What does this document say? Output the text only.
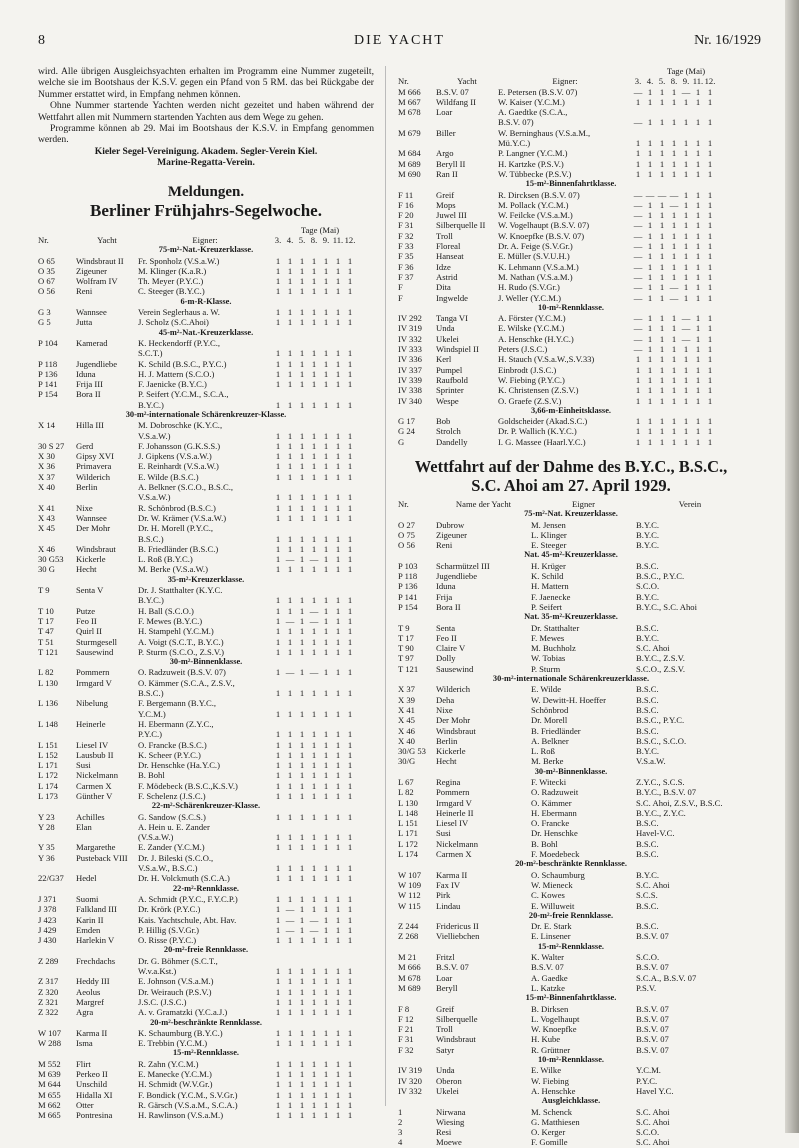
8	DIE YACHT	Nr. 16/1929

wird. Alle übrigen Ausgleichsyachten erhalten im Programm eine Nummer zugeteilt, welche sie im Bootshaus der K.S.V. gegen ein Pfand von 5 RM. das bei Rückgabe der Nummer erstattet wird, in Empfang nehmen können.

Ohne Nummer startende Yachten werden nicht gezeitet und haben während der Wettfahrt allen mit Nummern startenden Yachten aus dem Wege zu gehen.

Programme können ab 29. Mai im Bootshaus der K.S.V. in Empfang genommen werden.

Kieler Segel-Vereinigung. Akadem. Segler-Verein Kiel.
Marine-Regatta-Verein.
Meldungen.
Berliner Frühjahrs-Segelwoche.
Tage (Mai)
Nr.	Yacht	Eigner:	3. 4. 5. 8. 9. 11. 12.
75-m²-Nat.-Kreuzerklasse.
O 65	Windsbraut II	Fr. Sponholz (V.S.a.W.)	1 1 1 1 1 1 1
O 35	Zigeuner	M. Klinger (K.a.R.)	1 1 1 1 1 1 1
O 67	Wolfram IV	Th. Meyer (P.Y.C.)	1 1 1 1 1 1 1
O 56	Reni	C. Steeger (B.Y.C.)	1 1 1 1 1 1 1
6-m-R-Klasse.
G 3	Wannsee	Verein Seglerhaus a. W.	1 1 1 1 1 1 1
G 5	Jutta	J. Scholz (S.C.Ahoi)	1 1 1 1 1 1 1
45-m²-Nat.-Kreuzerklasse.
P 104	Kamerad	K. Heckendorff (P.Y.C.,
S.C.T.)	1 1 1 1 1 1 1
P 118	Jugendliebe	K. Schild (B.S.C., P.Y.C.)	1 1 1 1 1 1 1
P 136	Iduna	H. J. Mattern (S.C.O.)	1 1 1 1 1 1 1
P 141	Frija III	F. Jaenicke (B.Y.C.)	1 1 1 1 1 1 1
P 154	Bora II	P. Seifert (Y.C.M., S.C.A.,
B.Y.C.)	1 1 1 1 1 1 1
30-m²-internationale Schärenkreuzer-Klasse.
X 14	Hilla III	M. Dobroschke (K.Y.C.,
V.S.a.W.)	1 1 1 1 1 1 1
30 S 27	Gerd	F. Johansson (G.K.S.S.)	1 1 1 1 1 1 1
X 30	Gipsy XVI	J. Gipkens (V.S.a.W.)	1 1 1 1 1 1 1
X 36	Primavera	E. Reinhardt (V.S.a.W.)	1 1 1 1 1 1 1
X 37	Wilderich	E. Wilde (B.S.C.)	1 1 1 1 1 1 1
X 40	Berlin	A. Belkner (S.C.O., B.S.C.,
V.S.a.W.)	1 1 1 1 1 1 1
X 41	Nixe	R. Schönbrod (B.S.C.)	1 1 1 1 1 1 1
X 43	Wannsee	Dr. W. Krämer (V.S.a.W.)	1 1 1 1 1 1 1
X 45	Der Mohr	Dr. H. Morell (P.Y.C.,
B.S.C.)	1 1 1 1 1 1 1
X 46	Windsbraut	B. Friedländer (B.S.C.)	1 1 1 1 1 1 1
30 G53	Kickerle	L. Roß (B.Y.C.)	1 — 1 — 1 1 1
30 G	Hecht	M. Berke (V.S.a.W.)	1 1 1 1 1 1 1
35-m²-Kreuzerklasse.
T 9	Senta V	Dr. J. Statthalter (K.Y.C.
B.Y.C.)	1 1 1 1 1 1 1
T 10	Putze	H. Ball (S.C.O.)	1 1 1 — 1 1 1
T 17	Feo II	F. Mewes (B.Y.C.)	1 — 1 — 1 1 1
T 47	Quirl II	H. Stampehl (Y.C.M.)	1 1 1 1 1 1 1
T 51	Sturmgesell	A. Voigt (S.C.T., B.Y.C.)	1 1 1 1 1 1 1
T 121	Sausewind	P. Sturm (S.C.O., Z.S.V.)	1 1 1 1 1 1 1
30-m²-Binnenklasse.
L 82	Pommern	O. Radzuweit (B.S.V. 07)	1 — 1 — 1 1 1
L 130	Irmgard V	O. Kämmer (S.C.A., Z.S.V.,
B.S.C.)	1 1 1 1 1 1 1
L 136	Nibelung	F. Bergemann (B.Y.C.,
Y.C.M.)	1 1 1 1 1 1 1
L 148	Heinerle	H. Ebermann (Z.Y.C.,
P.Y.C.)	1 1 1 1 1 1 1
L 151	Liesel IV	O. Francke (B.S.C.)	1 1 1 1 1 1 1
L 152	Lausbub II	K. Scheer (P.Y.C.)	1 1 1 1 1 1 1
L 171	Susi	Dr. Henschke (Ha.Y.C.)	1 1 1 1 1 1 1
L 172	Nickelmann	B. Bohl	1 1 1 1 1 1 1
L 174	Carmen X	F. Mödebeck (B.S.C.,K.S.V.)	1 1 1 1 1 1 1
L 173	Günther V	F. Schelenz (J.S.C.)	1 1 1 1 1 1 1
22-m²-Schärenkreuzer-Klasse.
Y 23	Achilles	G. Sandow (S.C.S.)	1 1 1 1 1 1 1
Y 28	Elan	A. Hein u. E. Zander
(V.S.a.W.)	1 1 1 1 1 1 1
Y 35	Margarethe	E. Zander (Y.C.M.)	1 1 1 1 1 1 1
Y 36	Pusteback VIII	Dr. J. Bileski (S.C.O.,
V.S.a.W., B.S.C.)	1 1 1 1 1 1 1
22/G37	Hedel	Dr. H. Volckmuth (S.C.A.)	1 1 1 1 1 1 1
22-m²-Rennklasse.
J 371	Suomi	A. Schmidt (P.Y.C., F.Y.C.P.)	1 1 1 1 1 1 1
J 378	Falkland III	Dr. Krörk (P.Y.C.)	1 — 1 1 1 1 1
J 423	Karin II	Kais. Yachtschule, Abt. Hav.	1 — 1 — 1 1 1
J 429	Emden	P. Hillig (S.V.Gr.)	1 — 1 — 1 1 1
J 430	Harlekin V	O. Risse (P.Y.C.)	1 1 1 1 1 1 1
20-m²-freie Rennklasse.
Z 289	Frechdachs	Dr. G. Böhmer (S.C.T.,
W.v.a.Kst.)	1 1 1 1 1 1 1
Z 317	Heddy III	E. Johnson (V.S.a.M.)	1 1 1 1 1 1 1
Z 320	Aeolus	Dr. Weirauch (P.S.V.)	1 1 1 1 1 1 1
Z 321	Margref	J.S.C. (J.S.C.)	1 1 1 1 1 1 1
Z 322	Agra	A. v. Gramatzki (Y.C.a.J.)	1 1 1 1 1 1 1
20-m²-beschränkte Rennklasse.
W 107	Karma II	K. Schaumburg (B.Y.C.)	1 1 1 1 1 1 1
W 288	Isma	E. Trebbin (Y.C.M.)	1 1 1 1 1 1 1
15-m²-Rennklasse.
M 552	Flirt	R. Zahn (Y.C.M.)	1 1 1 1 1 1 1
M 639	Perkeo II	E. Manecke (Y.C.M.)	1 1 1 1 1 1 1
M 644	Unschild	H. Schmidt (W.V.Gr.)	1 1 1 1 1 1 1
M 655	Hidalla XI	F. Bondick (Y.C.M., S.V.Gr.)	1 1 1 1 1 1 1
M 662	Otter	R. Gärsch (V.S.a.M., S.C.A.)	1 1 1 1 1 1 1
M 665	Pontresina	H. Rawlinson (V.S.a.M.)	1 1 1 1 1 1 1
Tage (Mai)
Nr.	Yacht	Eigner:	3. 4. 5. 8. 9. 11. 12.
M 666	B.S.V. 07	E. Petersen (B.S.V. 07)	— 1 1 1 — 1 1
M 667	Wildfang II	W. Kaiser (Y.C.M.)	1 1 1 1 1 1 1
M 678	Loar	A. Gaedtke (S.C.A.,
B.S.V. 07)	— 1 1 1 1 1 1
M 679	Biller	W. Berninghaus (V.S.a.M.,
Mü.Y.C.)	1 1 1 1 1 1 1
M 684	Argo	P. Langner (Y.C.M.)	1 1 1 1 1 1 1
M 689	Beryll II	H. Kartzke (P.S.V.)	1 1 1 1 1 1 1
M 690	Ran II	W. Tübbecke (P.S.V.)	1 1 1 1 1 1 1
15-m²-Binnenfahrtklasse.
F 11	Greif	R. Dircksen (B.S.V. 07)	— — — — 1 1 1
F 16	Mops	M. Pollack (Y.C.M.)	— 1 1 — 1 1 1
F 20	Juwel III	W. Feilcke (V.S.a.M.)	— 1 1 1 1 1 1
F 31	Silberquelle II	W. Vogelhaupt (B.S.V. 07)	— 1 1 1 1 1 1
F 32	Troll	W. Knoepfke (B.S.V. 07)	— 1 1 1 1 1 1
F 33	Floreal	Dr. A. Feige (S.V.Gr.)	— 1 1 1 1 1 1
F 35	Hanseat	E. Müller (S.V.U.H.)	— 1 1 1 1 1 1
F 36	Idze	K. Lehmann (V.S.a.M.)	— 1 1 1 1 1 1
F 37	Astrid	M. Nathan (V.S.a.M.)	— 1 1 1 1 1 1
F	Dita	H. Rudo (S.V.Gr.)	— 1 1 — 1 1 1
F	Ingwelde	J. Weller (Y.C.M.)	— 1 1 — 1 1 1
10-m²-Rennklasse.
IV 292	Tanga VI	A. Förster (Y.C.M.)	— 1 1 1 — 1 1
IV 319	Unda	E. Wilske (Y.C.M.)	— 1 1 1 — 1 1
IV 332	Ukelei	A. Henschke (H.Y.C.)	— 1 1 1 — 1 1
IV 333	Windspiel II	Peters (J.S.C.)	— 1 1 1 1 1 1
IV 336	Kerl	H. Stauch (V.S.a.W.,S.V.33)	1 1 1 1 1 1 1
IV 337	Pumpel	Einbrodt (J.S.C.)	1 1 1 1 1 1 1
IV 339	Raufbold	W. Fiebing (P.Y.C.)	1 1 1 1 1 1 1
IV 338	Sprinter	K. Christensen (Z.S.V.)	1 1 1 1 1 1 1
IV 340	Wespe	O. Graefe (Z.S.V.)	1 1 1 1 1 1 1
3,66-m-Einheitsklasse.
G 17	Bob	Goldscheider (Akad.S.C.)	1 1 1 1 1 1 1
G 24	Strolch	Dr. P. Wallich (K.Y.C.)	1 1 1 1 1 1 1
G	Dandelly	I. G. Massee (Haarl.Y.C.)	1 1 1 1 1 1 1
Wettfahrt auf der Dahme des B.Y.C., B.S.C.,
S.C. Ahoi am 27. April 1929.
Nr.	Name der Yacht	Eigner	Verein
75-m²-Nat. Kreuzerklasse.
O 27	Dubrow	M. Jensen	B.Y.C.
O 75	Zigeuner	L. Klinger	B.Y.C.
O 56	Reni	E. Steeger	B.Y.C.
Nat. 45-m²-Kreuzerklasse.
P 103	Scharmützel III	H. Krüger	B.S.C.
P 118	Jugendliebe	K. Schild	B.S.C., P.Y.C.
P 136	Iduna	H. Mattern	S.C.O.
P 141	Frija	F. Jaenecke	B.Y.C.
P 154	Bora II	P. Seifert	B.Y.C., S.C. Ahoi
Nat. 35-m²-Kreuzerklasse.
T 9	Senta	Dr. Statthalter	B.S.C.
T 17	Feo II	F. Mewes	B.Y.C.
T 90	Claire V	M. Buchholz	S.C. Ahoi
T 97	Dolly	W. Tobias	B.Y.C., Z.S.V.
T 121	Sausewind	P. Sturm	S.C.O., Z.S.V.
30-m²-internationale Schärenkreuzerklasse.
X 37	Wilderich	E. Wilde	B.S.C.
X 39	Deha	W. Dewitt-H. Hoeffer	B.S.C.
X 41	Nixe	Schönbrod	B.S.C.
X 45	Der Mohr	Dr. Morell	B.S.C., P.Y.C.
X 46	Windsbraut	B. Friedländer	B.S.C.
X 40	Berlin	A. Belkner	B.S.C., S.C.O.
30/G 53	Kickerle	L. Roß	B.Y.C.
30/G	Hecht	M. Berke	V.S.a.W.
30-m²-Binnenklasse.
L 67	Regina	F. Witecki	Z.Y.C., S.C.S.
L 82	Pommern	O. Radzuweit	B.Y.C., B.S.V. 07
L 130	Irmgard V	O. Kämmer	S.C. Ahoi, Z.S.V., B.S.C.
L 148	Heinerle II	H. Ebermann	B.Y.C., Z.Y.C.
L 151	Liesel IV	O. Francke	B.S.C.
L 171	Susi	Dr. Henschke	Havel-V.C.
L 172	Nickelmann	B. Bohl	B.S.C.
L 174	Carmen X	F. Moedebeck	B.S.C.
20-m²-beschränkte Rennklasse.
W 107	Karma II	O. Schaumburg	B.Y.C.
W 109	Fax IV	W. Mieneck	S.C. Ahoi
W 112	Pirk	C. Kowes	S.C.S.
W 115	Lindau	E. Willuweit	B.S.C.
20-m²-freie Rennklasse.
Z 244	Fridericus II	Dr. E. Stark	B.S.C.
Z 268	Vielliebchen	E. Linsener	B.S.V. 07
15-m²-Rennklasse.
M 21	Fritzl	K. Walter	S.C.O.
M 666	B.S.V. 07	B.S.V. 07	B.S.V. 07
M 678	Loar	A. Gaedke	S.C.A., B.S.V. 07
M 689	Beryll	L. Katzke	P.S.V.
15-m²-Binnenfahrtklasse.
F 8	Greif	B. Dirksen	B.S.V. 07
F 12	Silberquelle	L. Vogelhaupt	B.S.V. 07
F 21	Troll	W. Knoepfke	B.S.V. 07
F 31	Windsbraut	H. Kube	B.S.V. 07
F 32	Satyr	R. Grüttner	B.S.V. 07
10-m²-Rennklasse.
IV 319	Unda	E. Wilke	Y.C.M.
IV 320	Oberon	W. Fiebing	P.Y.C.
IV 332	Ukelei	A. Henschke	Havel Y.C.
Ausgleichklasse.
1	Nirwana	M. Schenck	S.C. Ahoi
2	Wiesing	G. Matthiesen	S.C. Ahoi
3	Resi	O. Kerger	S.C.O.
4	Moewe	F. Gomille	S.C. Ahoi
